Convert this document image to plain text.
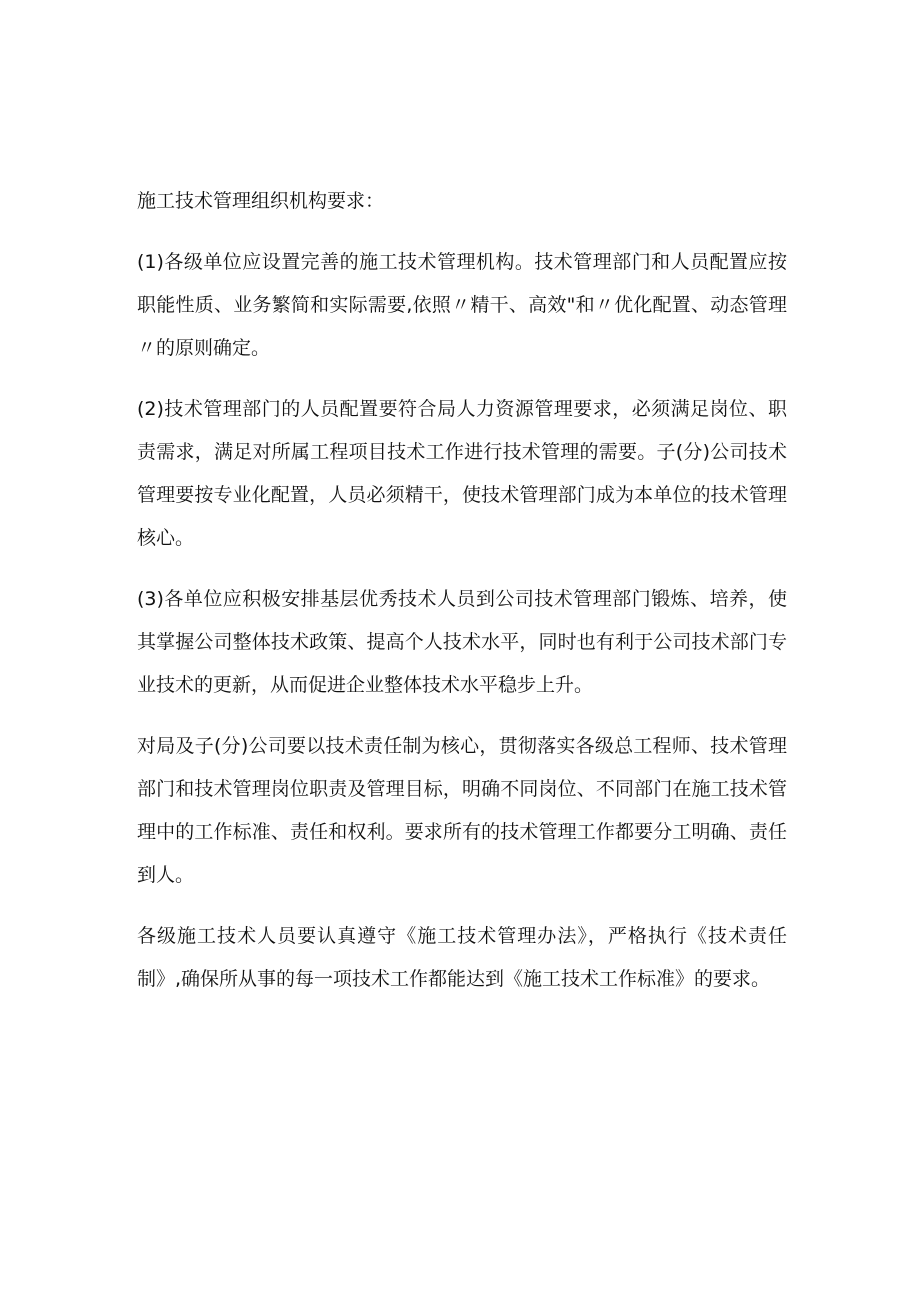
施工技术管理组织机构要求：

(1)各级单位应设置完善的施工技术管理机构。技术管理部门和人员配置应按职能性质、业务繁简和实际需要,依照〃精干、高效"和〃优化配置、动态管理〃的原则确定。

(2)技术管理部门的人员配置要符合局人力资源管理要求，必须满足岗位、职责需求，满足对所属工程项目技术工作进行技术管理的需要。子(分)公司技术管理要按专业化配置，人员必须精干，使技术管理部门成为本单位的技术管理核心。

(3)各单位应积极安排基层优秀技术人员到公司技术管理部门锻炼、培养，使其掌握公司整体技术政策、提高个人技术水平，同时也有利于公司技术部门专业技术的更新，从而促进企业整体技术水平稳步上升。

对局及子(分)公司要以技术责任制为核心，贯彻落实各级总工程师、技术管理部门和技术管理岗位职责及管理目标，明确不同岗位、不同部门在施工技术管理中的工作标准、责任和权利。要求所有的技术管理工作都要分工明确、责任到人。

各级施工技术人员要认真遵守《施工技术管理办法》，严格执行《技术责任制》,确保所从事的每一项技术工作都能达到《施工技术工作标准》的要求。
